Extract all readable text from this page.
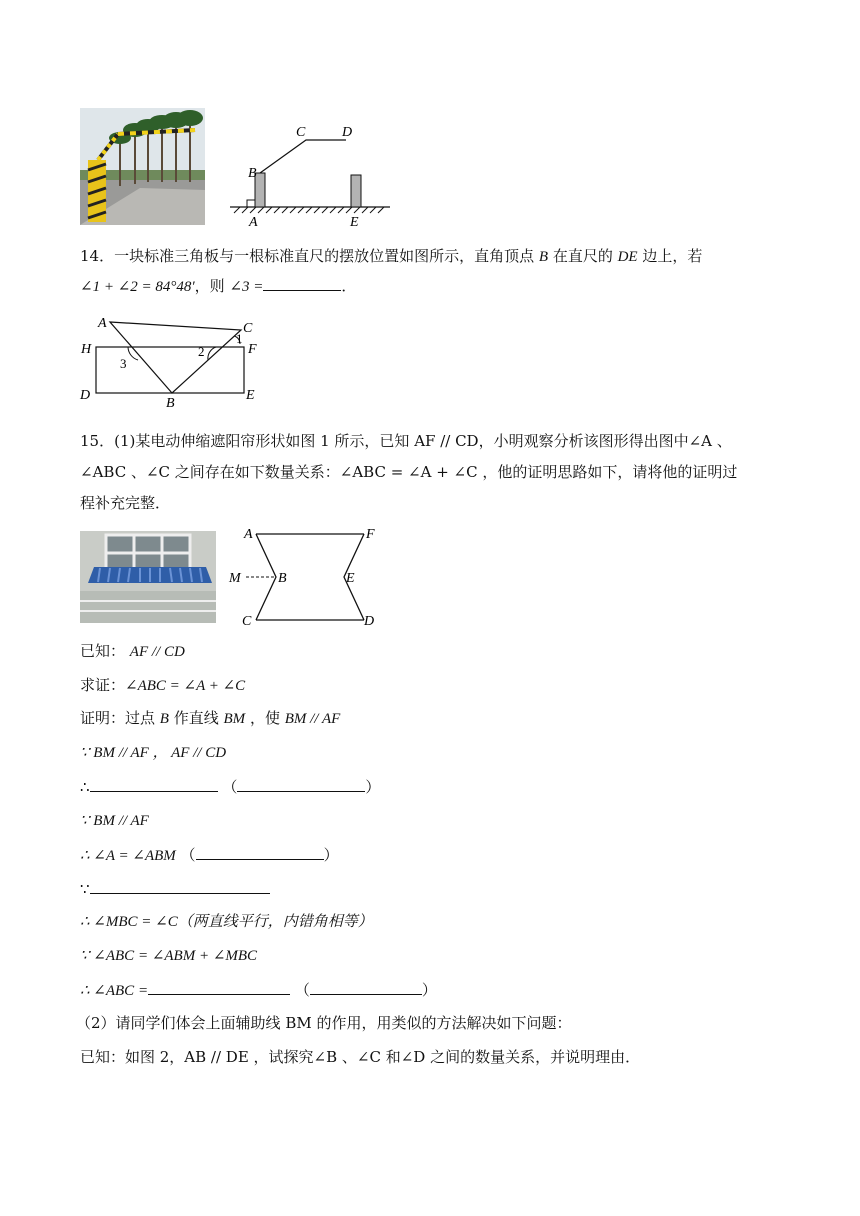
B
C	D
A	E
14．一块标准三角板与一根标准直尺的摆放位置如图所示，直角顶点 B 在直尺的 DE 边上，若
∠1 + ∠2 = 84°48′，则 ∠3 =	．
A	C
H	F
D	E
B
1
2
3
15．(1)某电动伸缩遮阳帘形状如图 1 所示，已知 AF // CD，小明观察分析该图形得出图中∠A 、
∠ABC 、∠C 之间存在如下数量关系：∠ABC = ∠A + ∠C ，他的证明思路如下，请将他的证明过
程补充完整．
A	F
M	B	E
C	D
已知： AF // CD
求证：∠ABC = ∠A + ∠C
证明：过点 B 作直线 BM ，使 BM // AF
∵ BM // AF ， AF // CD
∴	（	）
∵ BM // AF
∴ ∠A = ∠ABM （	）
∵
∴ ∠MBC = ∠C（两直线平行，内错角相等）
∵ ∠ABC = ∠ABM + ∠MBC
∴ ∠ABC =	（	）
（2）请同学们体会上面辅助线 BM 的作用，用类似的方法解决如下问题：
已知：如图 2，AB // DE ，试探究∠B 、∠C 和∠D 之间的数量关系，并说明理由．
